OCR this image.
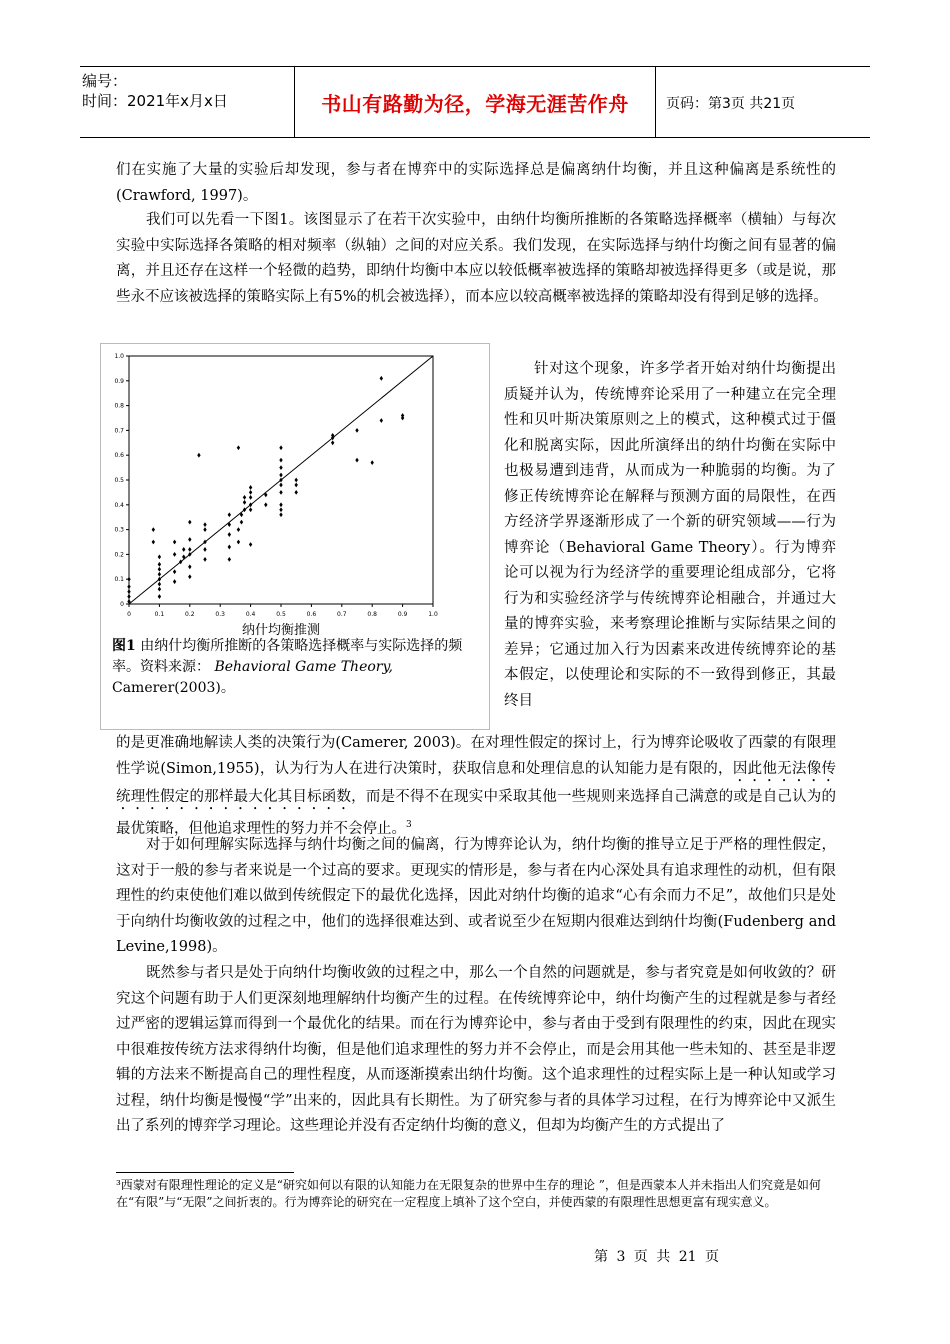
编号：
时间：2021年x月x日	书山有路勤为径，学海无涯苦作舟	页码：第3页 共21页

们在实施了大量的实验后却发现，参与者在博弈中的实际选择总是偏离纳什均衡，并且这种偏离是系统性的(Crawford, 1997)。

我们可以先看一下图1。该图显示了在若干次实验中，由纳什均衡所推断的各策略选择概率（横轴）与每次实验中实际选择各策略的相对频率（纵轴）之间的对应关系。我们发现，在实际选择与纳什均衡之间有显著的偏离，并且还存在这样一个轻微的趋势，即纳什均衡中本应以较低概率被选择的策略却被选择得更多（或是说，那些永不应该被选择的策略实际上有5%的机会被选择），而本应以较高概率被选择的策略却没有得到足够的选择。

0	0.1	0.2	0.3	0.4	0.5	0.6	0.7	0.8	0.9	1.0
0
0.1
0.2
0.3
0.4
0.5
0.6
0.7
0.8
0.9
1.0
纳什均衡推测
图1 由纳什均衡所推断的各策略选择概率与实际选择的频率。资料来源： Behavioral Game Theory,
Camerer(2003)。

针对这个现象，许多学者开始对纳什均衡提出质疑并认为，传统博弈论采用了一种建立在完全理性和贝叶斯决策原则之上的模式，这种模式过于僵化和脱离实际，因此所演绎出的纳什均衡在实际中也极易遭到违背，从而成为一种脆弱的均衡。为了修正传统博弈论在解释与预测方面的局限性，在西方经济学界逐渐形成了一个新的研究领域——行为博弈论（Behavioral Game Theory）。行为博弈论可以视为行为经济学的重要理论组成部分，它将行为和实验经济学与传统博弈论相融合，并通过大量的博弈实验，来考察理论推断与实际结果之间的差异；它通过加入行为因素来改进传统博弈论的基本假定，以使理论和实际的不一致得到修正，其最终目

的是更准确地解读人类的决策行为(Camerer, 2003)。在对理性假定的探讨上，行为博弈论吸收了西蒙的有限理性学说(Simon,1955)，认为行为人在进行决策时，获取信息和处理信息的认知能力是有限的，因此他无法像传统理性假定的那样最大化其目标函数，而是不得不在现实中采取其他一些规则来选择自己满意的或是自己认为的最优策略，但他追求理性的努力并不会停止。$^3$

对于如何理解实际选择与纳什均衡之间的偏离，行为博弈论认为，纳什均衡的推导立足于严格的理性假定，这对于一般的参与者来说是一个过高的要求。更现实的情形是，参与者在内心深处具有追求理性的动机，但有限理性的约束使他们难以做到传统假定下的最优化选择，因此对纳什均衡的追求“心有余而力不足”，故他们只是处于向纳什均衡收敛的过程之中，他们的选择很难达到、或者说至少在短期内很难达到纳什均衡(Fudenberg and Levine,1998)。

既然参与者只是处于向纳什均衡收敛的过程之中，那么一个自然的问题就是，参与者究竟是如何收敛的？研究这个问题有助于人们更深刻地理解纳什均衡产生的过程。在传统博弈论中，纳什均衡产生的过程就是参与者经过严密的逻辑运算而得到一个最优化的结果。而在行为博弈论中，参与者由于受到有限理性的约束，因此在现实中很难按传统方法求得纳什均衡，但是他们追求理性的努力并不会停止，而是会用其他一些未知的、甚至是非逻辑的方法来不断提高自己的理性程度，从而逐渐摸索出纳什均衡。这个追求理性的过程实际上是一种认知或学习过程，纳什均衡是慢慢“学”出来的，因此具有长期性。为了研究参与者的具体学习过程，在行为博弈论中又派生出了系列的博弈学习理论。这些理论并没有否定纳什均衡的意义，但却为均衡产生的方式提出了

³西蒙对有限理性理论的定义是“研究如何以有限的认知能力在无限复杂的世界中生存的理论 ”，但是西蒙本人并未指出人们究竟是如何在“有限”与“无限”之间折衷的。行为博弈论的研究在一定程度上填补了这个空白，并使西蒙的有限理性思想更富有现实意义。

第 3 页 共 21 页
